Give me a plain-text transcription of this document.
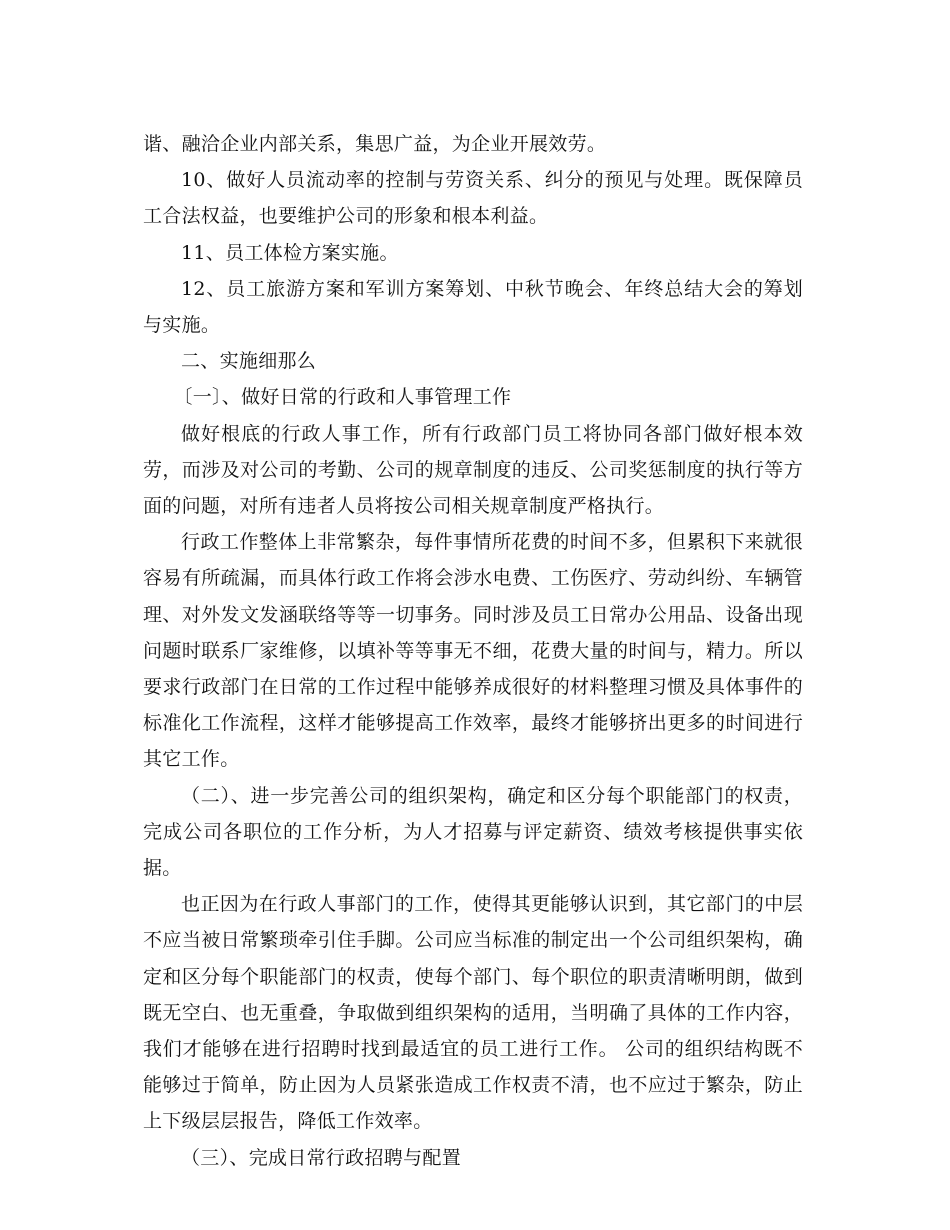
谐、融洽企业内部关系，集思广益，为企业开展效劳。

10、做好人员流动率的控制与劳资关系、纠分的预见与处理。既保障员工合法权益，也要维护公司的形象和根本利益。

11、员工体检方案实施。

12、员工旅游方案和军训方案筹划、中秋节晚会、年终总结大会的筹划与实施。

二、实施细那么

〔一〕、做好日常的行政和人事管理工作

做好根底的行政人事工作，所有行政部门员工将协同各部门做好根本效劳，而涉及对公司的考勤、公司的规章制度的违反、公司奖惩制度的执行等方面的问题，对所有违者人员将按公司相关规章制度严格执行。

行政工作整体上非常繁杂，每件事情所花费的时间不多，但累积下来就很容易有所疏漏，而具体行政工作将会涉水电费、工伤医疗、劳动纠纷、车辆管理、对外发文发涵联络等等一切事务。同时涉及员工日常办公用品、设备出现问题时联系厂家维修，以填补等等事无不细，花费大量的时间与，精力。所以要求行政部门在日常的工作过程中能够养成很好的材料整理习惯及具体事件的标准化工作流程，这样才能够提高工作效率，最终才能够挤出更多的时间进行其它工作。

（二）、进一步完善公司的组织架构，确定和区分每个职能部门的权责，完成公司各职位的工作分析，为人才招募与评定薪资、绩效考核提供事实依据。

也正因为在行政人事部门的工作，使得其更能够认识到，其它部门的中层不应当被日常繁琐牵引住手脚。公司应当标准的制定出一个公司组织架构，确定和区分每个职能部门的权责，使每个部门、每个职位的职责清晰明朗，做到既无空白、也无重叠，争取做到组织架构的适用，当明确了具体的工作内容，我们才能够在进行招聘时找到最适宜的员工进行工作。 公司的组织结构既不能够过于简单，防止因为人员紧张造成工作权责不清，也不应过于繁杂，防止上下级层层报告，降低工作效率。

（三）、完成日常行政招聘与配置
